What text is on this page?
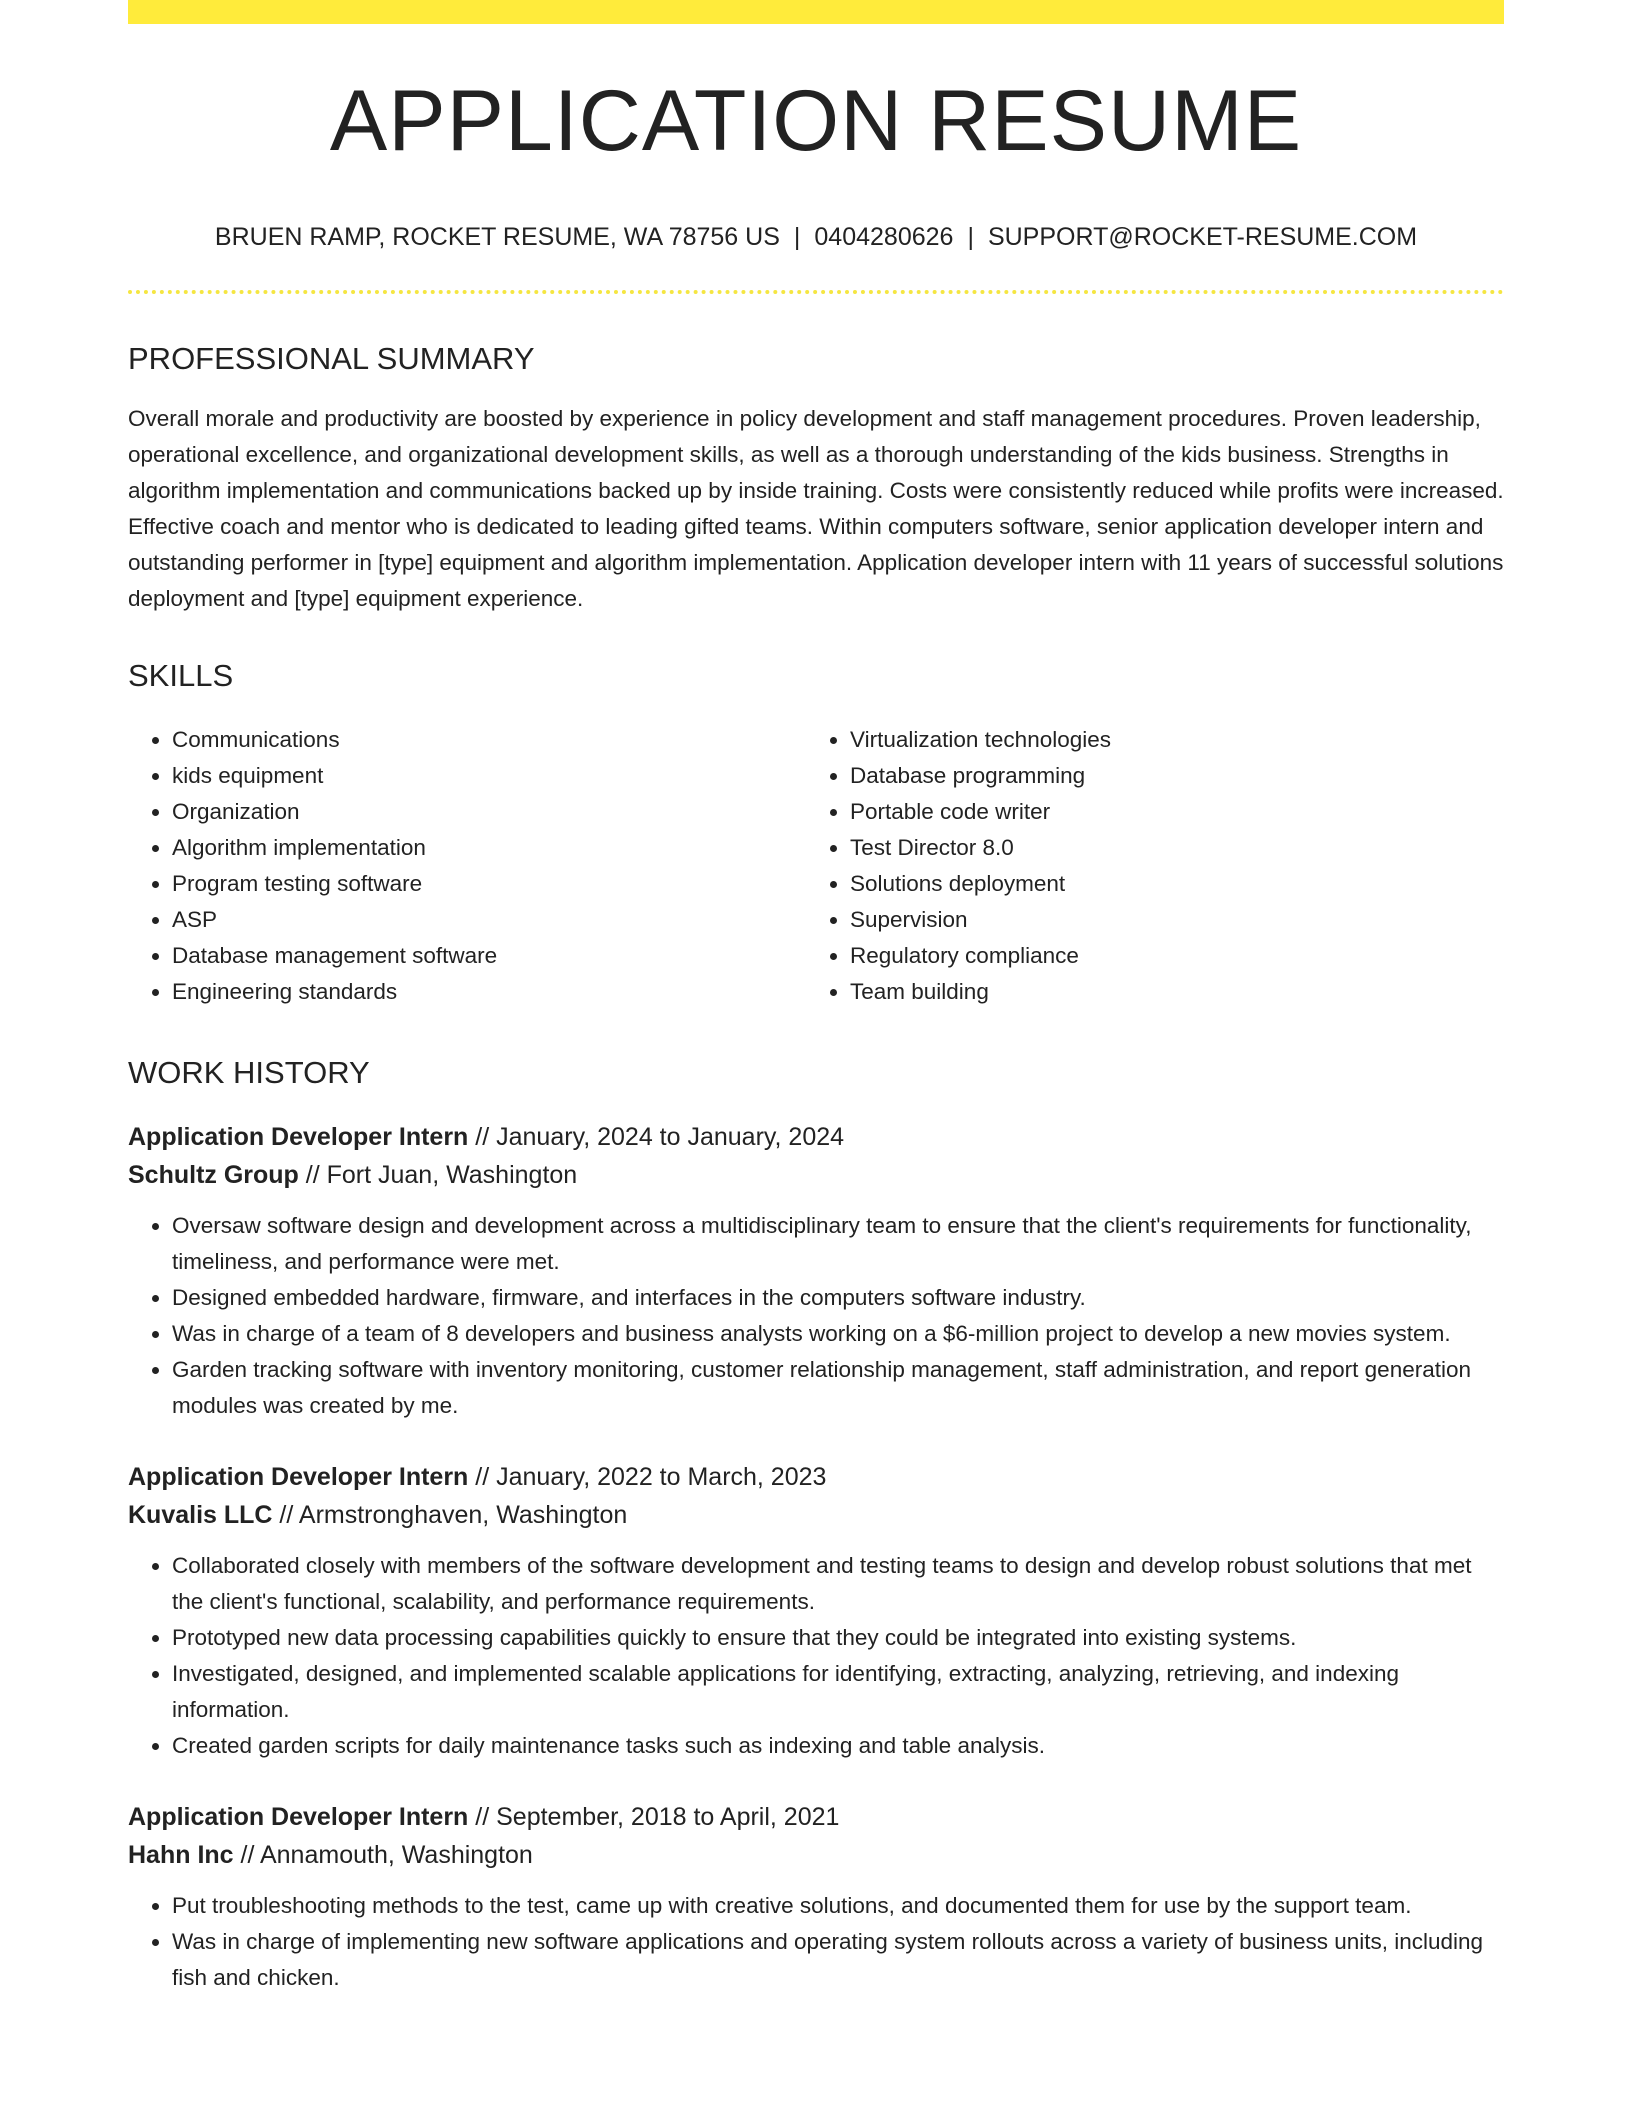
APPLICATION RESUME
BRUEN RAMP, ROCKET RESUME, WA 78756 US | 0404280626 | SUPPORT@ROCKET-RESUME.COM
PROFESSIONAL SUMMARY

Overall morale and productivity are boosted by experience in policy development and staff management procedures. Proven leadership, operational excellence, and organizational development skills, as well as a thorough understanding of the kids business. Strengths in algorithm implementation and communications backed up by inside training. Costs were consistently reduced while profits were increased. Effective coach and mentor who is dedicated to leading gifted teams. Within computers software, senior application developer intern and outstanding performer in [type] equipment and algorithm implementation. Application developer intern with 11 years of successful solutions deployment and [type] equipment experience.

SKILLS
• Communications
• kids equipment
• Organization
• Algorithm implementation
• Program testing software
• ASP
• Database management software
• Engineering standards
• Virtualization technologies
• Database programming
• Portable code writer
• Test Director 8.0
• Solutions deployment
• Supervision
• Regulatory compliance
• Team building
WORK HISTORY
Application Developer Intern // January, 2024 to January, 2024
Schultz Group // Fort Juan, Washington
• Oversaw software design and development across a multidisciplinary team to ensure that the client's requirements for functionality, timeliness, and performance were met.
• Designed embedded hardware, firmware, and interfaces in the computers software industry.
• Was in charge of a team of 8 developers and business analysts working on a $6-million project to develop a new movies system.
• Garden tracking software with inventory monitoring, customer relationship management, staff administration, and report generation modules was created by me.
Application Developer Intern // January, 2022 to March, 2023
Kuvalis LLC // Armstronghaven, Washington
• Collaborated closely with members of the software development and testing teams to design and develop robust solutions that met the client's functional, scalability, and performance requirements.
• Prototyped new data processing capabilities quickly to ensure that they could be integrated into existing systems.
• Investigated, designed, and implemented scalable applications for identifying, extracting, analyzing, retrieving, and indexing information.
• Created garden scripts for daily maintenance tasks such as indexing and table analysis.
Application Developer Intern // September, 2018 to April, 2021
Hahn Inc // Annamouth, Washington
• Put troubleshooting methods to the test, came up with creative solutions, and documented them for use by the support team.
• Was in charge of implementing new software applications and operating system rollouts across a variety of business units, including fish and chicken.
